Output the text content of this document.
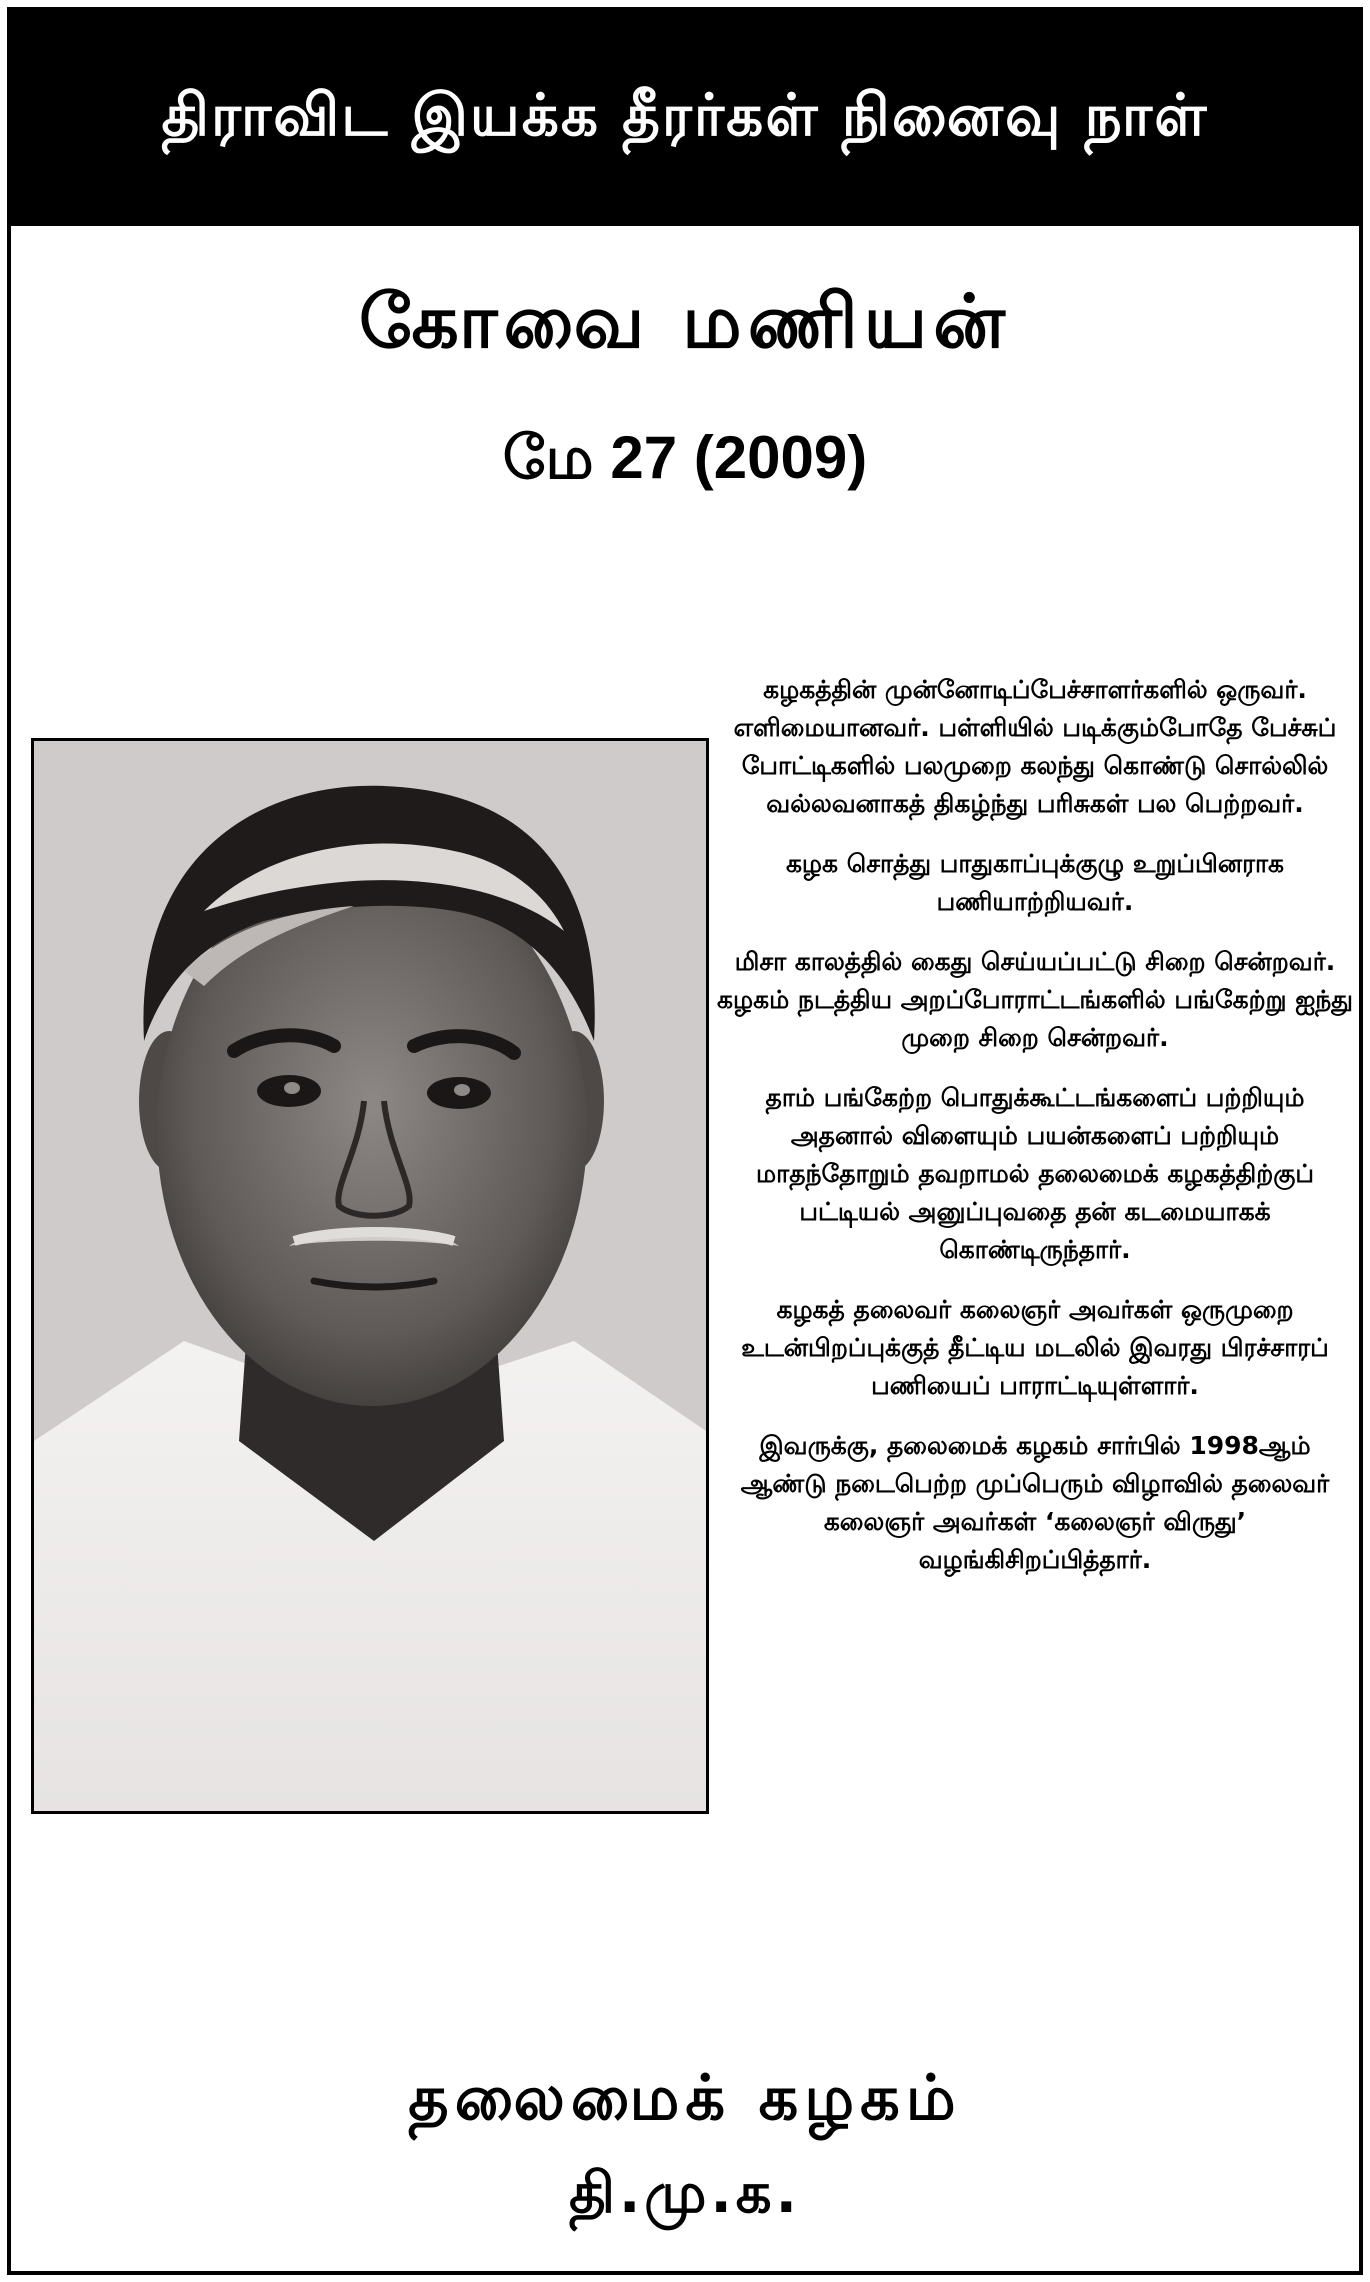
திராவிட இயக்க தீரர்கள் நினைவு நாள்
கோவை மணியன்
மே 27 (2009)

கழகத்தின் முன்னோடிப்பேச்சாளர்களில் ஒருவர். எளிமையானவர். பள்ளியில் படிக்கும்போதே பேச்சுப் போட்டிகளில் பலமுறை கலந்து கொண்டு சொல்லில் வல்லவனாகத் திகழ்ந்து பரிசுகள் பல பெற்றவர்.

கழக சொத்து பாதுகாப்புக்குழு உறுப்பினராக பணியாற்றியவர்.

மிசா காலத்தில் கைது செய்யப்பட்டு சிறை சென்றவர். கழகம் நடத்திய அறப்போராட்டங்களில் பங்கேற்று ஐந்து முறை சிறை சென்றவர்.

தாம் பங்கேற்ற பொதுக்கூட்டங்களைப் பற்றியும் அதனால் விளையும் பயன்களைப் பற்றியும் மாதந்தோறும் தவறாமல் தலைமைக் கழகத்திற்குப் பட்டியல் அனுப்புவதை தன் கடமையாகக் கொண்டிருந்தார்.

கழகத் தலைவர் கலைஞர் அவர்கள் ஒருமுறை உடன்பிறப்புக்குத் தீட்டிய மடலில் இவரது பிரச்சாரப் பணியைப் பாராட்டியுள்ளார்.

இவருக்கு, தலைமைக் கழகம் சார்பில் 1998ஆம் ஆண்டு நடைபெற்ற முப்பெரும் விழாவில் தலைவர் கலைஞர் அவர்கள் ‘கலைஞர் விருது’ வழங்கிசிறப்பித்தார்.

தலைமைக் கழகம்
தி.மு.க.
